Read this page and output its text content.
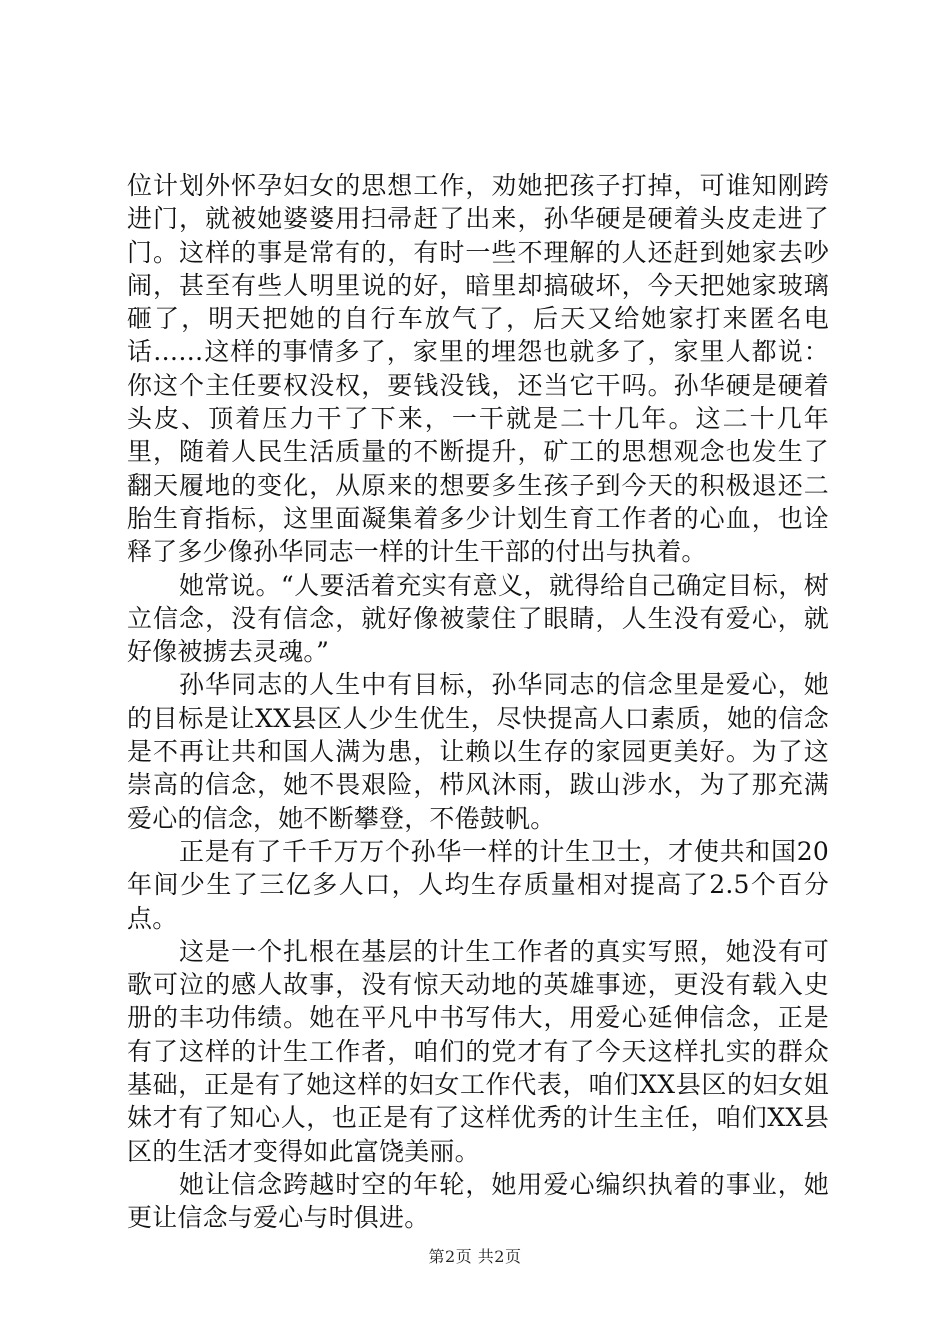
位计划外怀孕妇女的思想工作，劝她把孩子打掉，可谁知刚跨进门，就被她婆婆用扫帚赶了出来，孙华硬是硬着头皮走进了门。这样的事是常有的，有时一些不理解的人还赶到她家去吵闹，甚至有些人明里说的好，暗里却搞破坏，今天把她家玻璃砸了，明天把她的自行车放气了，后天又给她家打来匿名电话……这样的事情多了，家里的埋怨也就多了，家里人都说：你这个主任要权没权，要钱没钱，还当它干吗。孙华硬是硬着头皮、顶着压力干了下来，一干就是二十几年。这二十几年里，随着人民生活质量的不断提升，矿工的思想观念也发生了翻天履地的变化，从原来的想要多生孩子到今天的积极退还二胎生育指标，这里面凝集着多少计划生育工作者的心血，也诠释了多少像孙华同志一样的计生干部的付出与执着。

她常说。“人要活着充实有意义，就得给自己确定目标，树立信念，没有信念，就好像被蒙住了眼睛，人生没有爱心，就好像被掳去灵魂。”

孙华同志的人生中有目标，孙华同志的信念里是爱心，她的目标是让XX县区人少生优生，尽快提高人口素质，她的信念是不再让共和国人满为患，让赖以生存的家园更美好。为了这崇高的信念，她不畏艰险，栉风沐雨，跋山涉水，为了那充满爱心的信念，她不断攀登，不倦鼓帆。

正是有了千千万万个孙华一样的计生卫士，才使共和国20年间少生了三亿多人口，人均生存质量相对提高了2.5个百分点。

这是一个扎根在基层的计生工作者的真实写照，她没有可歌可泣的感人故事，没有惊天动地的英雄事迹，更没有载入史册的丰功伟绩。她在平凡中书写伟大，用爱心延伸信念，正是有了这样的计生工作者，咱们的党才有了今天这样扎实的群众基础，正是有了她这样的妇女工作代表，咱们XX县区的妇女姐妹才有了知心人，也正是有了这样优秀的计生主任，咱们XX县区的生活才变得如此富饶美丽。

她让信念跨越时空的年轮，她用爱心编织执着的事业，她更让信念与爱心与时俱进。

第2页 共2页
